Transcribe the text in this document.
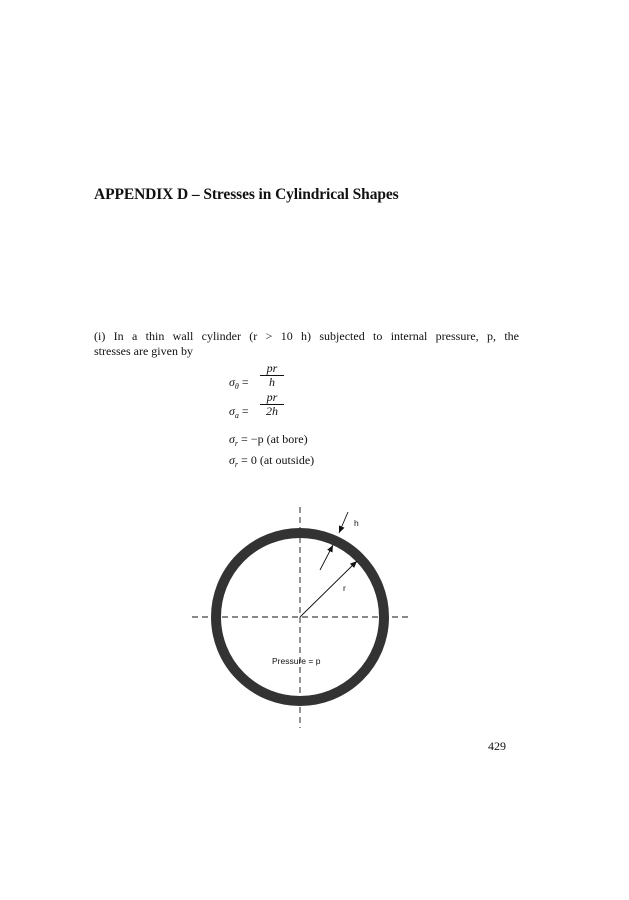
APPENDIX D – Stresses in Cylindrical Shapes

(i) In a thin wall cylinder (r > 10 h) subjected to internal pressure, p, the
stresses are given by

$\sigma_\theta = \frac{pr}{h}$
$\sigma_a = \frac{pr}{2h}$
$\sigma_r = -p$ (at bore)
$\sigma_r = 0$ (at outside)
h
r
Pressure = p
429
